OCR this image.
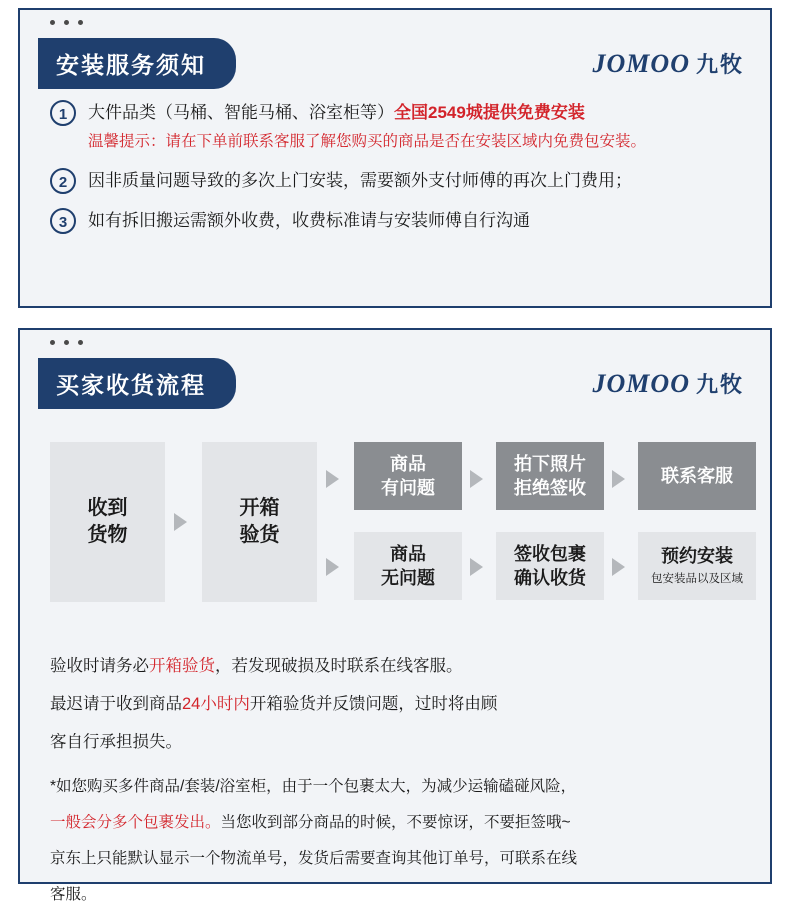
安装服务须知	JOMOO 九牧
1	大件品类（马桶、智能马桶、浴室柜等）全国2549城提供免费安装
温馨提示：请在下单前联系客服了解您购买的商品是否在安装区域内免费包安装。
2	因非质量问题导致的多次上门安装，需要额外支付师傅的再次上门费用；
3	如有拆旧搬运需额外收费，收费标准请与安装师傅自行沟通
买家收货流程	JOMOO 九牧
收到
货物
开箱
验货
商品
有问题
拍下照片
拒绝签收
联系客服
商品
无问题
签收包裹
确认收货
预约安装
包安装品以及区域

验收时请务必开箱验货，若发现破损及时联系在线客服。

最迟请于收到商品24小时内开箱验货并反馈问题，过时将由顾

客自行承担损失。

*如您购买多件商品/套装/浴室柜，由于一个包裹太大，为减少运输磕碰风险，

一般会分多个包裹发出。当您收到部分商品的时候，不要惊讶，不要拒签哦~

京东上只能默认显示一个物流单号，发货后需要查询其他订单号，可联系在线

客服。
